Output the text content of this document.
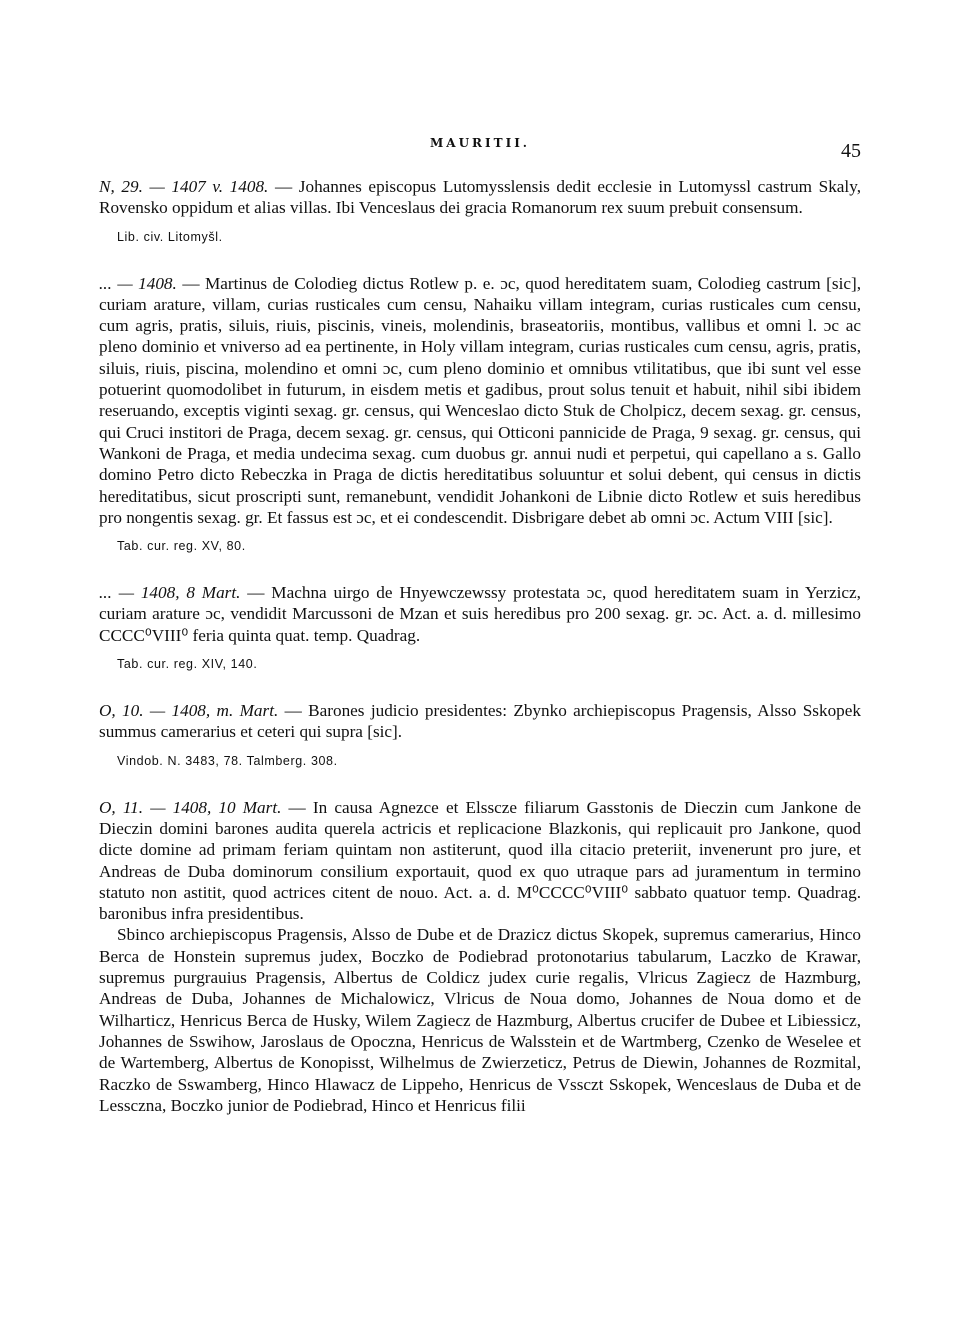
MAURITII.	45

N, 29. — 1407 v. 1408. — Johannes episcopus Lutomysslensis dedit ecclesie in Lutomyssl castrum Skaly, Rovensko oppidum et alias villas. Ibi Venceslaus dei gracia Romanorum rex suum prebuit consensum.

Lib. civ. Litomyšl.

... — 1408. — Martinus de Colodieg dictus Rotlew p. e. ɔc, quod hereditatem suam, Colodieg castrum [sic], curiam arature, villam, curias rusticales cum censu, Nahaiku villam integram, curias rusticales cum censu, cum agris, pratis, siluis, riuis, piscinis, vineis, molendinis, braseatoriis, montibus, vallibus et omni l. ɔc ac pleno dominio et vniverso ad ea pertinente, in Holy villam integram, curias rusticales cum censu, agris, pratis, siluis, riuis, piscina, molendino et omni ɔc, cum pleno dominio et omnibus vtilitatibus, que ibi sunt vel esse potuerint quomodolibet in futurum, in eisdem metis et gadibus, prout solus tenuit et habuit, nihil sibi ibidem reseruando, exceptis viginti sexag. gr. census, qui Wenceslao dicto Stuk de Cholpicz, decem sexag. gr. census, qui Cruci institori de Praga, decem sexag. gr. census, qui Otticoni pannicide de Praga, 9 sexag. gr. census, qui Wankoni de Praga, et media undecima sexag. cum duobus gr. annui nudi et perpetui, qui capellano a s. Gallo domino Petro dicto Rebeczka in Praga de dictis hereditatibus soluuntur et solui debent, qui census in dictis hereditatibus, sicut proscripti sunt, remanebunt, vendidit Johankoni de Libnie dicto Rotlew et suis heredibus pro nongentis sexag. gr. Et fassus est ɔc, et ei condescendit. Disbrigare debet ab omni ɔc. Actum VIII [sic].

Tab. cur. reg. XV, 80.

... — 1408, 8 Mart. — Machna uirgo de Hnyewczewssy protestata ɔc, quod hereditatem suam in Yerzicz, curiam arature ɔc, vendidit Marcussoni de Mzan et suis heredibus pro 200 sexag. gr. ɔc. Act. a. d. millesimo CCCC⁰VIII⁰ feria quinta quat. temp. Quadrag.

Tab. cur. reg. XIV, 140.

O, 10. — 1408, m. Mart. — Barones judicio presidentes: Zbynko archiepiscopus Pragensis, Alsso Sskopek summus camerarius et ceteri qui supra [sic].

Vindob. N. 3483, 78. Talmberg. 308.

O, 11. — 1408, 10 Mart. — In causa Agnezce et Elsscze filiarum Gasstonis de Dieczin cum Jankone de Dieczin domini barones audita querela actricis et replicacione Blazkonis, qui replicauit pro Jankone, quod dicte domine ad primam feriam quintam non astiterunt, quod illa citacio preteriit, invenerunt pro jure, et Andreas de Duba dominorum consilium exportauit, quod ex quo utraque pars ad juramentum in termino statuto non astitit, quod actrices citent de nouo. Act. a. d. M⁰CCCC⁰VIII⁰ sabbato quatuor temp. Quadrag. baronibus infra presidentibus.

Sbinco archiepiscopus Pragensis, Alsso de Dube et de Drazicz dictus Skopek, supremus camerarius, Hinco Berca de Honstein supremus judex, Boczko de Podiebrad protonotarius tabularum, Laczko de Krawar, supremus purgrauius Pragensis, Albertus de Coldicz judex curie regalis, Vlricus Zagiecz de Hazmburg, Andreas de Duba, Johannes de Michalowicz, Vlricus de Noua domo, Johannes de Noua domo et de Wilharticz, Henricus Berca de Husky, Wilem Zagiecz de Hazmburg, Albertus crucifer de Dubee et Libiessicz, Johannes de Sswihow, Jaroslaus de Opoczna, Henricus de Walsstein et de Wartmberg, Czenko de Weselee et de Wartemberg, Albertus de Konopisst, Wilhelmus de Zwierzeticz, Petrus de Diewin, Johannes de Rozmital, Raczko de Sswamberg, Hinco Hlawacz de Lippeho, Henricus de Vssczt Sskopek, Wenceslaus de Duba et de Lessczna, Boczko junior de Podiebrad, Hinco et Henricus filii
